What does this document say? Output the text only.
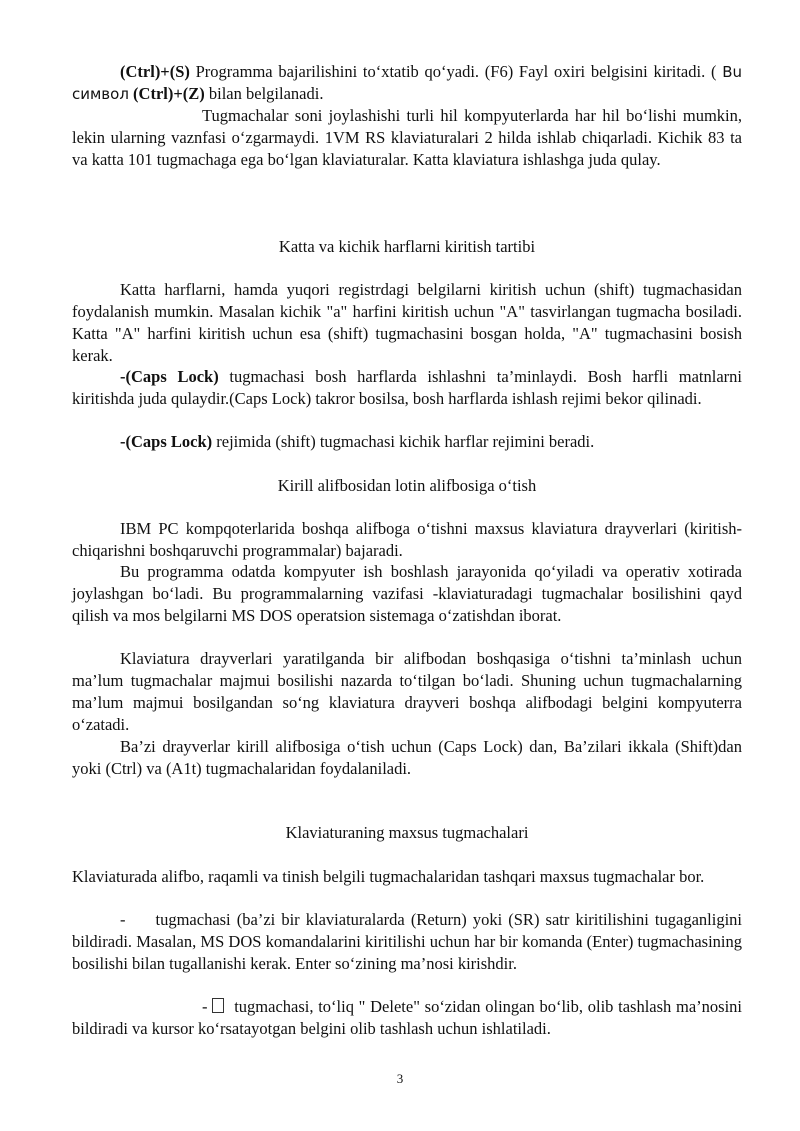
(Ctrl)+(S) Programma bajarilishini to‘xtatib qo‘yadi. (F6) Fayl oxiri belgisini kiritadi. ( Bu символ (Ctrl)+(Z) bilan belgilanadi.

Tugmachalar soni joylashishi turli hil kompyuterlarda har hil bo‘lishi mumkin, lekin ularning vaznfasi o‘zgarmaydi. 1VM RS klaviaturalari 2 hilda ishlab chiqarladi. Kichik 83 ta va katta 101 tugmachaga ega bo‘lgan klaviaturalar. Katta klaviatura ishlashga juda qulay.

Katta va kichik harflarni kiritish tartibi

Katta harflarni, hamda yuqori registrdagi belgilarni kiritish uchun (shift) tugmachasidan foydalanish mumkin. Masalan kichik "a" harfini kiritish uchun "A" tasvirlangan tugmacha bosiladi. Katta "A" harfini kiritish uchun esa (shift) tugmachasini bosgan holda, "A" tugmachasini bosish kerak.

-(Caps Lock) tugmachasi bosh harflarda ishlashni ta’minlaydi. Bosh harfli matnlarni kiritishda juda qulaydir.(Caps Lock) takror bosilsa, bosh harflarda ishlash rejimi bekor qilinadi.

-(Caps Lock) rejimida (shift) tugmachasi kichik harflar rejimini beradi.

Kirill alifbosidan lotin alifbosiga o‘tish

IBM PC kompqoterlarida boshqa alifboga o‘tishni maxsus klaviatura drayverlari (kiritish-chiqarishni boshqaruvchi programmalar) bajaradi.

Bu programma odatda kompyuter ish boshlash jarayonida qo‘yiladi va operativ xotirada joylashgan bo‘ladi. Bu programmalarning vazifasi -klaviaturadagi tugmachalar bosilishini qayd qilish va mos belgilarni MS DOS operatsion sistemaga o‘zatishdan iborat.

Klaviatura drayverlari yaratilganda bir alifbodan boshqasiga o‘tishni ta’minlash uchun ma’lum tugmachalar majmui bosilishi nazarda to‘tilgan bo‘ladi. Shuning uchun tugmachalarning ma’lum majmui bosilgandan so‘ng klaviatura drayveri boshqa alifbodagi belgini kompyuterra o‘zatadi.

Ba’zi drayverlar kirill alifbosiga o‘tish uchun (Caps Lock) dan, Ba’zilari ikkala (Shift)dan yoki (Ctrl) va (A1t) tugmachalaridan foydalaniladi.

Klaviaturaning maxsus tugmachalari

Klaviaturada alifbo, raqamli va tinish belgili tugmachalaridan tashqari maxsus tugmachalar bor.

- tugmachasi (ba’zi bir klaviaturalarda (Return) yoki (SR) satr kiritilishini tugaganligini bildiradi. Masalan, MS DOS komandalarini kiritilishi uchun har bir komanda (Enter) tugmachasining bosilishi bilan tugallanishi kerak. Enter so‘zining ma’nosi kirishdir.

- tugmachasi, to‘liq " Delete" so‘zidan olingan bo‘lib, olib tashlash ma’nosini bildiradi va kursor ko‘rsatayotgan belgini olib tashlash uchun ishlatiladi.

3
